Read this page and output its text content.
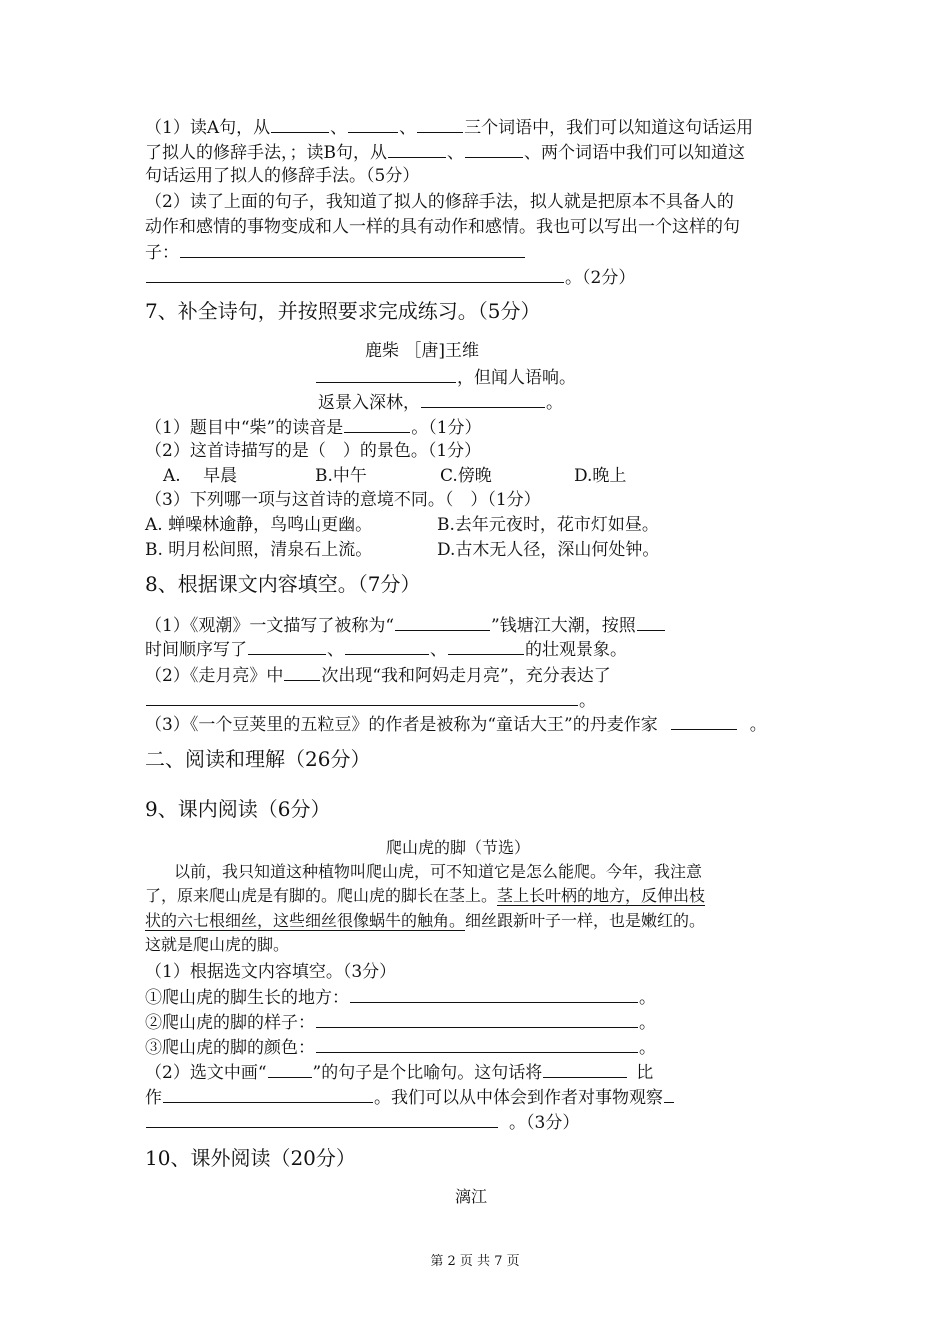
（1）读A句，从	、	、	三个词语中，我们可以知道这句话运用
了拟人的修辞手法，；读B句，从	、	、两个词语中我们可以知道这
句话运用了拟人的修辞手法。（5分）
（2）读了上面的句子，我知道了拟人的修辞手法，拟人就是把原本不具备人的
动作和感情的事物变成和人一样的具有动作和感情。我也可以写出一个这样的句
子：
。（2分）
7、补全诗句，并按照要求完成练习。（5分）
鹿柴 ［唐]王维
，但闻人语响。
返景入深林，	。
（1）题目中“柴”的读音是	。（1分）
（2）这首诗描写的是（　）的景色。（1分）
A.　 早晨	B.中午	C.傍晚	D.晚上
（3）下列哪一项与这首诗的意境不同。（　）（1分）
A. 蝉噪林逾静，鸟鸣山更幽。	B.去年元夜时，花市灯如昼。
B. 明月松间照，清泉石上流。	D.古木无人径，深山何处钟。
8、根据课文内容填空。（7分）
（1）《观潮》一文描写了被称为“	”钱塘江大潮，按照
时间顺序写了	、	、	的壮观景象。
（2）《走月亮》中 次出现“我和阿妈走月亮”，充分表达了
。
（3）《一个豆荚里的五粒豆》的作者是被称为“童话大王”的丹麦作家	。
二、阅读和理解（26分）
9、课内阅读（6分）
爬山虎的脚（节选）
以前，我只知道这种植物叫爬山虎，可不知道它是怎么能爬。今年，我注意
了，原来爬山虎是有脚的。爬山虎的脚长在茎上。茎上长叶柄的地方，反伸出枝
状的六七根细丝，这些细丝很像蜗牛的触角。细丝跟新叶子一样，也是嫩红的。
这就是爬山虎的脚。
（1）根据选文内容填空。（3分）
①爬山虎的脚生长的地方：	。
②爬山虎的脚的样子：	。
③爬山虎的脚的颜色：	。
（2）选文中画“	”的句子是个比喻句。这句话将	比
作	。我们可以从中体会到作者对事物观察
。（3分）
10、课外阅读（20分）
漓江
第 2 页 共 7 页
